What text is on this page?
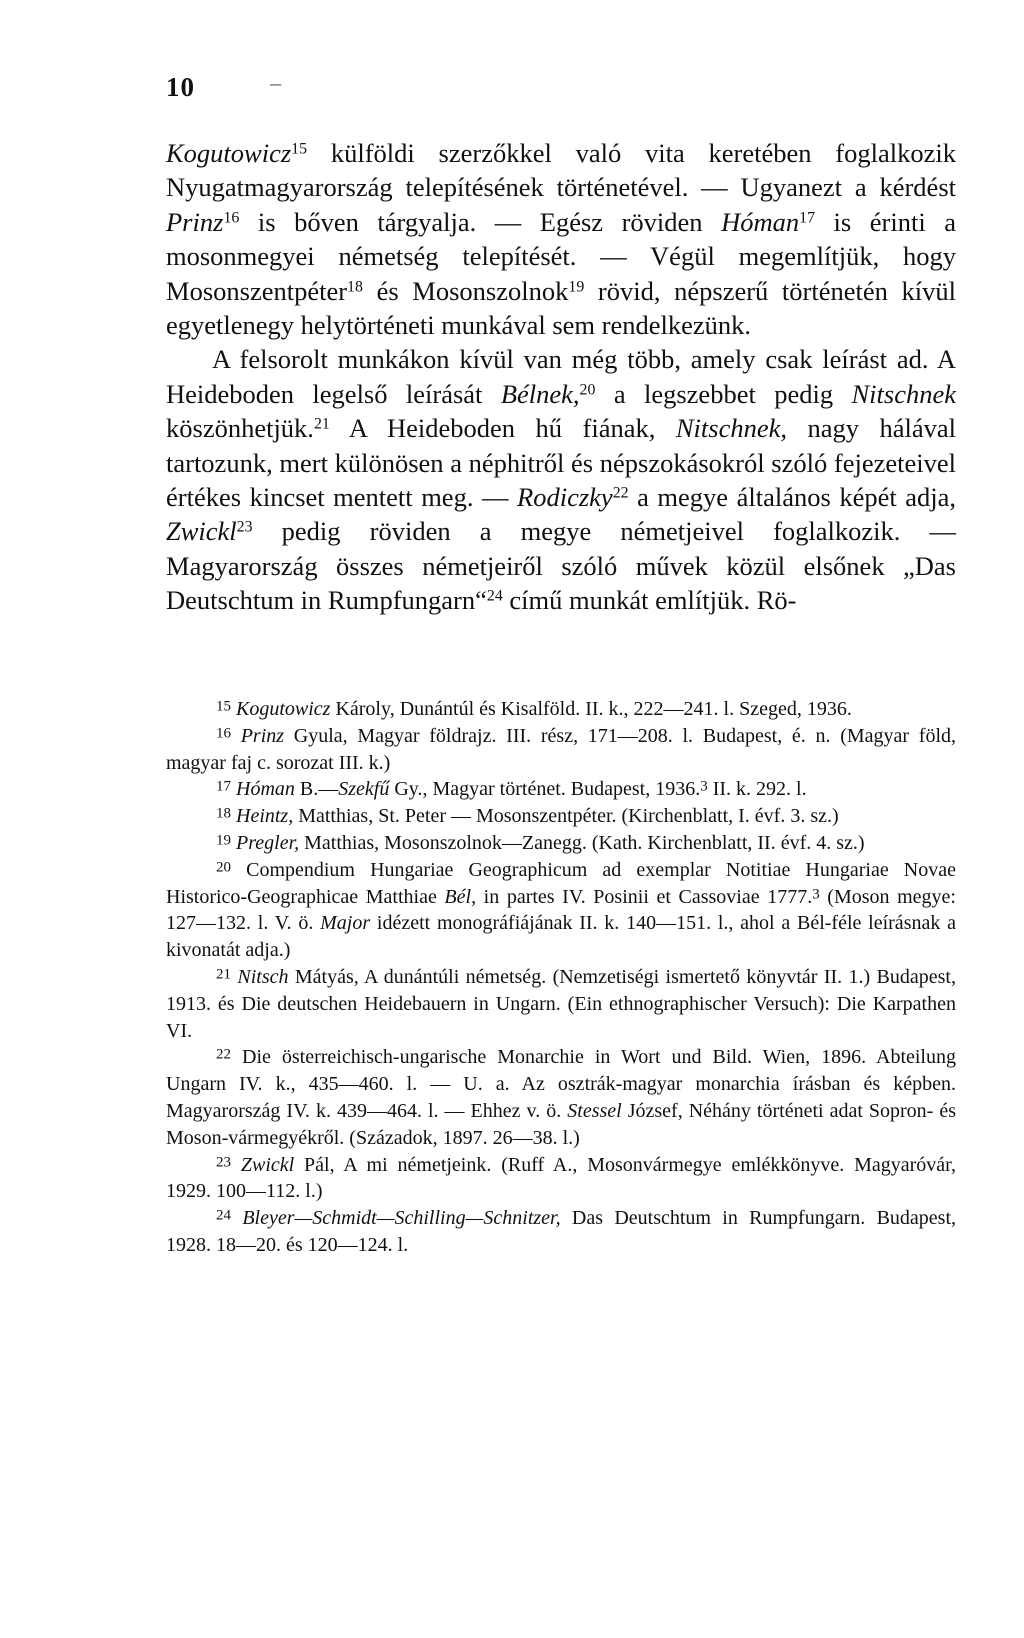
10	–

Kogutowicz$^{15}$ külföldi szerzőkkel való vita keretében foglalkozik Nyugatmagyarország telepítésének történetével. — Ugyanezt a kérdést Prinz$^{16}$ is bőven tárgyalja. — Egész röviden Hóman$^{17}$ is érinti a mosonmegyei németség telepítését. — Végül megemlítjük, hogy Mosonszentpéter$^{18}$ és Mosonszolnok$^{19}$ rövid, népszerű történetén kívül egyetlenegy helytörténeti munkával sem rendelkezünk.

A felsorolt munkákon kívül van még több, amely csak leírást ad. A Heideboden legelső leírását Bélnek,$^{20}$ a legszebbet pedig Nitschnek köszönhetjük.$^{21}$ A Heideboden hű fiának, Nitschnek, nagy hálával tartozunk, mert különösen a néphitről és népszokásokról szóló fejezeteivel értékes kincset mentett meg. — Rodiczky$^{22}$ a megye általános képét adja, Zwickl$^{23}$ pedig röviden a megye németjeivel foglalkozik. — Magyarország összes németjeiről szóló művek közül elsőnek „Das Deutschtum in Rumpfungarn“$^{24}$ című munkát említjük. Rö-

$^{15}$ Kogutowicz Károly, Dunántúl és Kisalföld. II. k., 222—241. l. Szeged, 1936.

$^{16}$ Prinz Gyula, Magyar földrajz. III. rész, 171—208. l. Budapest, é. n. (Magyar föld, magyar faj c. sorozat III. k.)

$^{17}$ Hóman B.—Szekfű Gy., Magyar történet. Budapest, 1936.$^3$ II. k. 292. l.

$^{18}$ Heintz, Matthias, St. Peter — Mosonszentpéter. (Kirchenblatt, I. évf. 3. sz.)

$^{19}$ Pregler, Matthias, Mosonszolnok—Zanegg. (Kath. Kirchenblatt, II. évf. 4. sz.)

$^{20}$ Compendium Hungariae Geographicum ad exemplar Notitiae Hungariae Novae Historico-Geographicae Matthiae Bél, in partes IV. Posinii et Cassoviae 1777.$^3$ (Moson megye: 127—132. l. V. ö. Major idézett monográfiájának II. k. 140—151. l., ahol a Bél-féle leírásnak a kivonatát adja.)

$^{21}$ Nitsch Mátyás, A dunántúli németség. (Nemzetiségi ismertető könyvtár II. 1.) Budapest, 1913. és Die deutschen Heidebauern in Ungarn. (Ein ethnographischer Versuch): Die Karpathen VI.

$^{22}$ Die österreichisch-ungarische Monarchie in Wort und Bild. Wien, 1896. Abteilung Ungarn IV. k., 435—460. l. — U. a. Az osztrák-magyar monarchia írásban és képben. Magyarország IV. k. 439—464. l. — Ehhez v. ö. Stessel József, Néhány történeti adat Sopron- és Moson-vármegyékről. (Századok, 1897. 26—38. l.)

$^{23}$ Zwickl Pál, A mi németjeink. (Ruff A., Mosonvármegye emlékkönyve. Magyaróvár, 1929. 100—112. l.)

$^{24}$ Bleyer—Schmidt—Schilling—Schnitzer, Das Deutschtum in Rumpfungarn. Budapest, 1928. 18—20. és 120—124. l.
